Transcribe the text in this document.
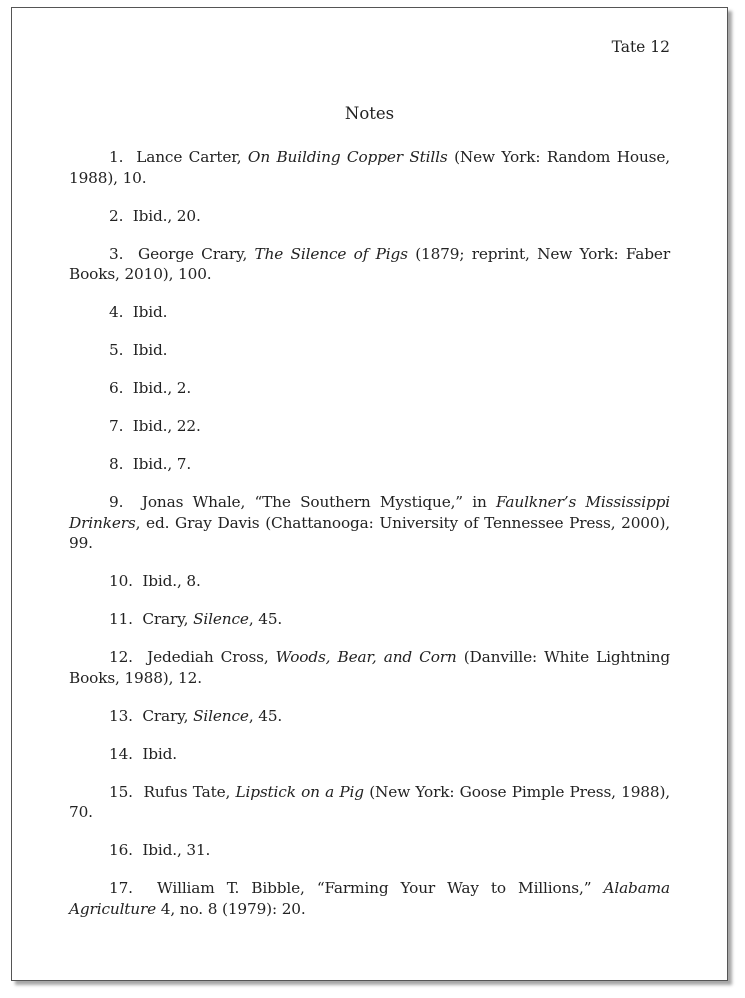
Tate 12
Notes

1. Lance Carter, On Building Copper Stills (New York: Random House, 1988), 10.

2. Ibid., 20.

3. George Crary, The Silence of Pigs (1879; reprint, New York: Faber Books, 2010), 100.

4. Ibid.

5. Ibid.

6. Ibid., 2.

7. Ibid., 22.

8. Ibid., 7.

9. Jonas Whale, “The Southern Mystique,” in Faulkner’s Mississippi Drinkers, ed. Gray Davis (Chattanooga: University of Tennessee Press, 2000), 99.

10. Ibid., 8.

11. Crary, Silence, 45.

12. Jedediah Cross, Woods, Bear, and Corn (Danville: White Lightning Books, 1988), 12.

13. Crary, Silence, 45.

14. Ibid.

15. Rufus Tate, Lipstick on a Pig (New York: Goose Pimple Press, 1988), 70.

16. Ibid., 31.

17. William T. Bibble, “Farming Your Way to Millions,” Alabama Agriculture 4, no. 8 (1979): 20.
